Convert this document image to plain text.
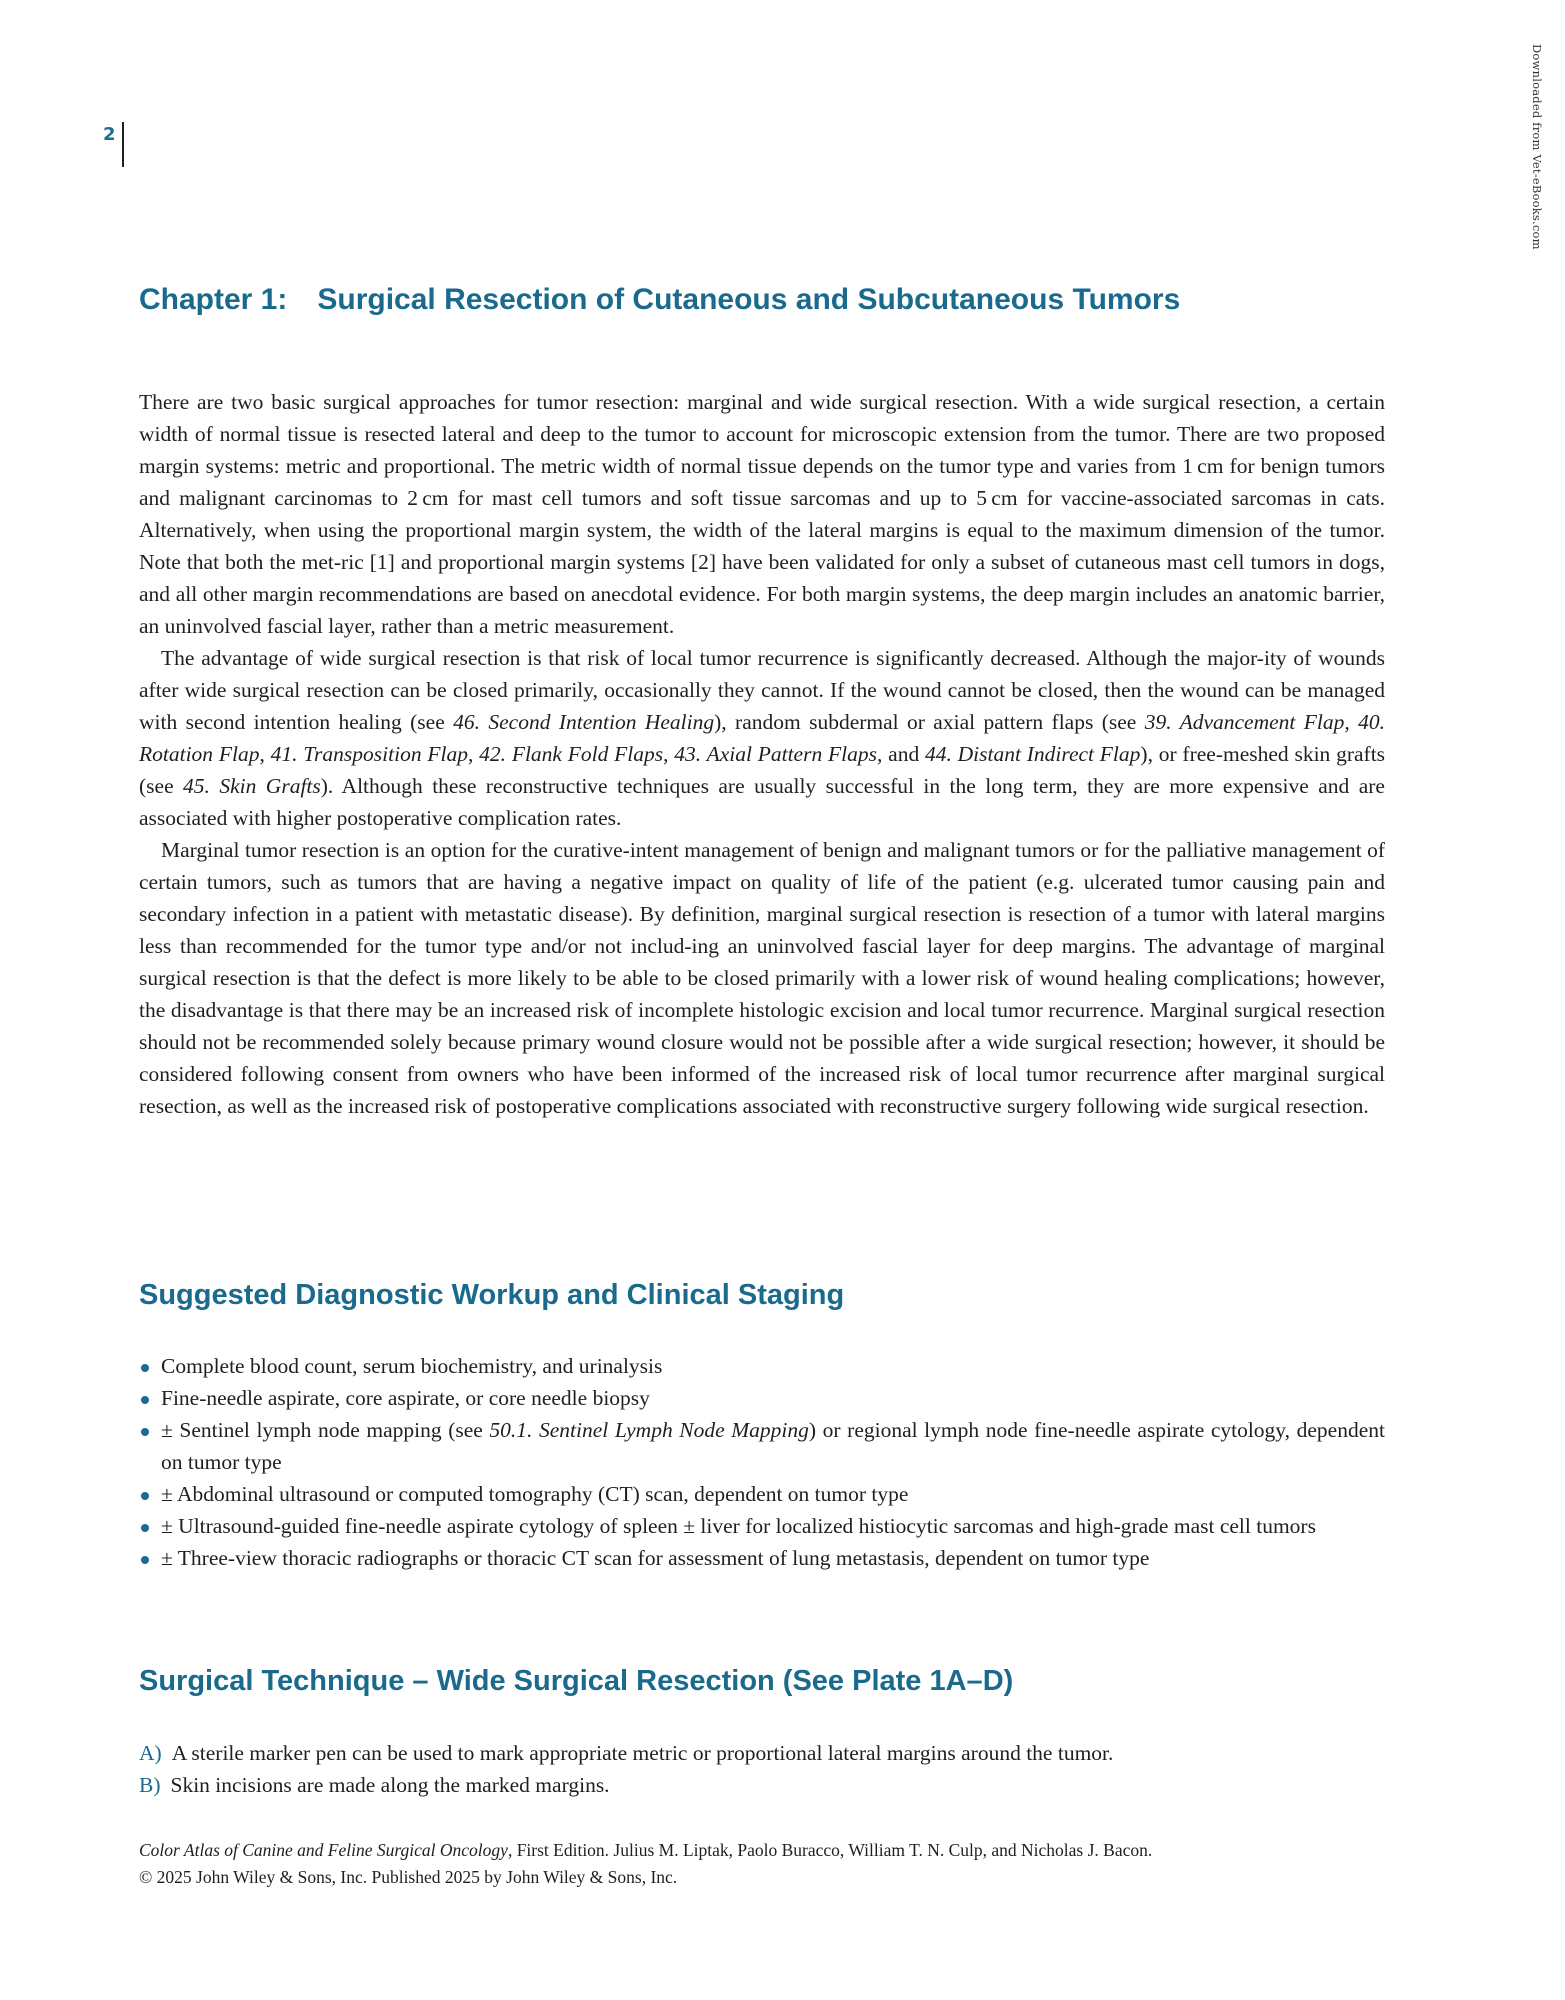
2	Downloaded from Vet-eBooks.com
Chapter 1: Surgical Resection of Cutaneous and Subcutaneous Tumors

There are two basic surgical approaches for tumor resection: marginal and wide surgical resection. With a wide surgical resection, a certain width of normal tissue is resected lateral and deep to the tumor to account for microscopic extension from the tumor. There are two proposed margin systems: metric and proportional. The metric width of normal tissue depends on the tumor type and varies from 1 cm for benign tumors and malignant carcinomas to 2 cm for mast cell tumors and soft tissue sarcomas and up to 5 cm for vaccine-associated sarcomas in cats. Alternatively, when using the proportional margin system, the width of the lateral margins is equal to the maximum dimension of the tumor. Note that both the met-ric [1] and proportional margin systems [2] have been validated for only a subset of cutaneous mast cell tumors in dogs, and all other margin recommendations are based on anecdotal evidence. For both margin systems, the deep margin includes an anatomic barrier, an uninvolved fascial layer, rather than a metric measurement.

The advantage of wide surgical resection is that risk of local tumor recurrence is significantly decreased. Although the major-ity of wounds after wide surgical resection can be closed primarily, occasionally they cannot. If the wound cannot be closed, then the wound can be managed with second intention healing (see 46. Second Intention Healing), random subdermal or axial pattern flaps (see 39. Advancement Flap, 40. Rotation Flap, 41. Transposition Flap, 42. Flank Fold Flaps, 43. Axial Pattern Flaps, and 44. Distant Indirect Flap), or free-meshed skin grafts (see 45. Skin Grafts). Although these reconstructive techniques are usually successful in the long term, they are more expensive and are associated with higher postoperative complication rates.

Marginal tumor resection is an option for the curative-intent management of benign and malignant tumors or for the palliative management of certain tumors, such as tumors that are having a negative impact on quality of life of the patient (e.g. ulcerated tumor causing pain and secondary infection in a patient with metastatic disease). By definition, marginal surgical resection is resection of a tumor with lateral margins less than recommended for the tumor type and/or not includ-ing an uninvolved fascial layer for deep margins. The advantage of marginal surgical resection is that the defect is more likely to be able to be closed primarily with a lower risk of wound healing complications; however, the disadvantage is that there may be an increased risk of incomplete histologic excision and local tumor recurrence. Marginal surgical resection should not be recommended solely because primary wound closure would not be possible after a wide surgical resection; however, it should be considered following consent from owners who have been informed of the increased risk of local tumor recurrence after marginal surgical resection, as well as the increased risk of postoperative complications associated with reconstructive surgery following wide surgical resection.

Suggested Diagnostic Workup and Clinical Staging
Complete blood count, serum biochemistry, and urinalysis
Fine-needle aspirate, core aspirate, or core needle biopsy
± Sentinel lymph node mapping (see 50.1. Sentinel Lymph Node Mapping) or regional lymph node fine-needle aspirate cytology, dependent on tumor type
± Abdominal ultrasound or computed tomography (CT) scan, dependent on tumor type
± Ultrasound-guided fine-needle aspirate cytology of spleen ± liver for localized histiocytic sarcomas and high-grade mast cell tumors
± Three-view thoracic radiographs or thoracic CT scan for assessment of lung metastasis, dependent on tumor type
Surgical Technique – Wide Surgical Resection (See Plate 1A–D)
A) A sterile marker pen can be used to mark appropriate metric or proportional lateral margins around the tumor.
B) Skin incisions are made along the marked margins.
Color Atlas of Canine and Feline Surgical Oncology, First Edition. Julius M. Liptak, Paolo Buracco, William T. N. Culp, and Nicholas J. Bacon.
© 2025 John Wiley & Sons, Inc. Published 2025 by John Wiley & Sons, Inc.
